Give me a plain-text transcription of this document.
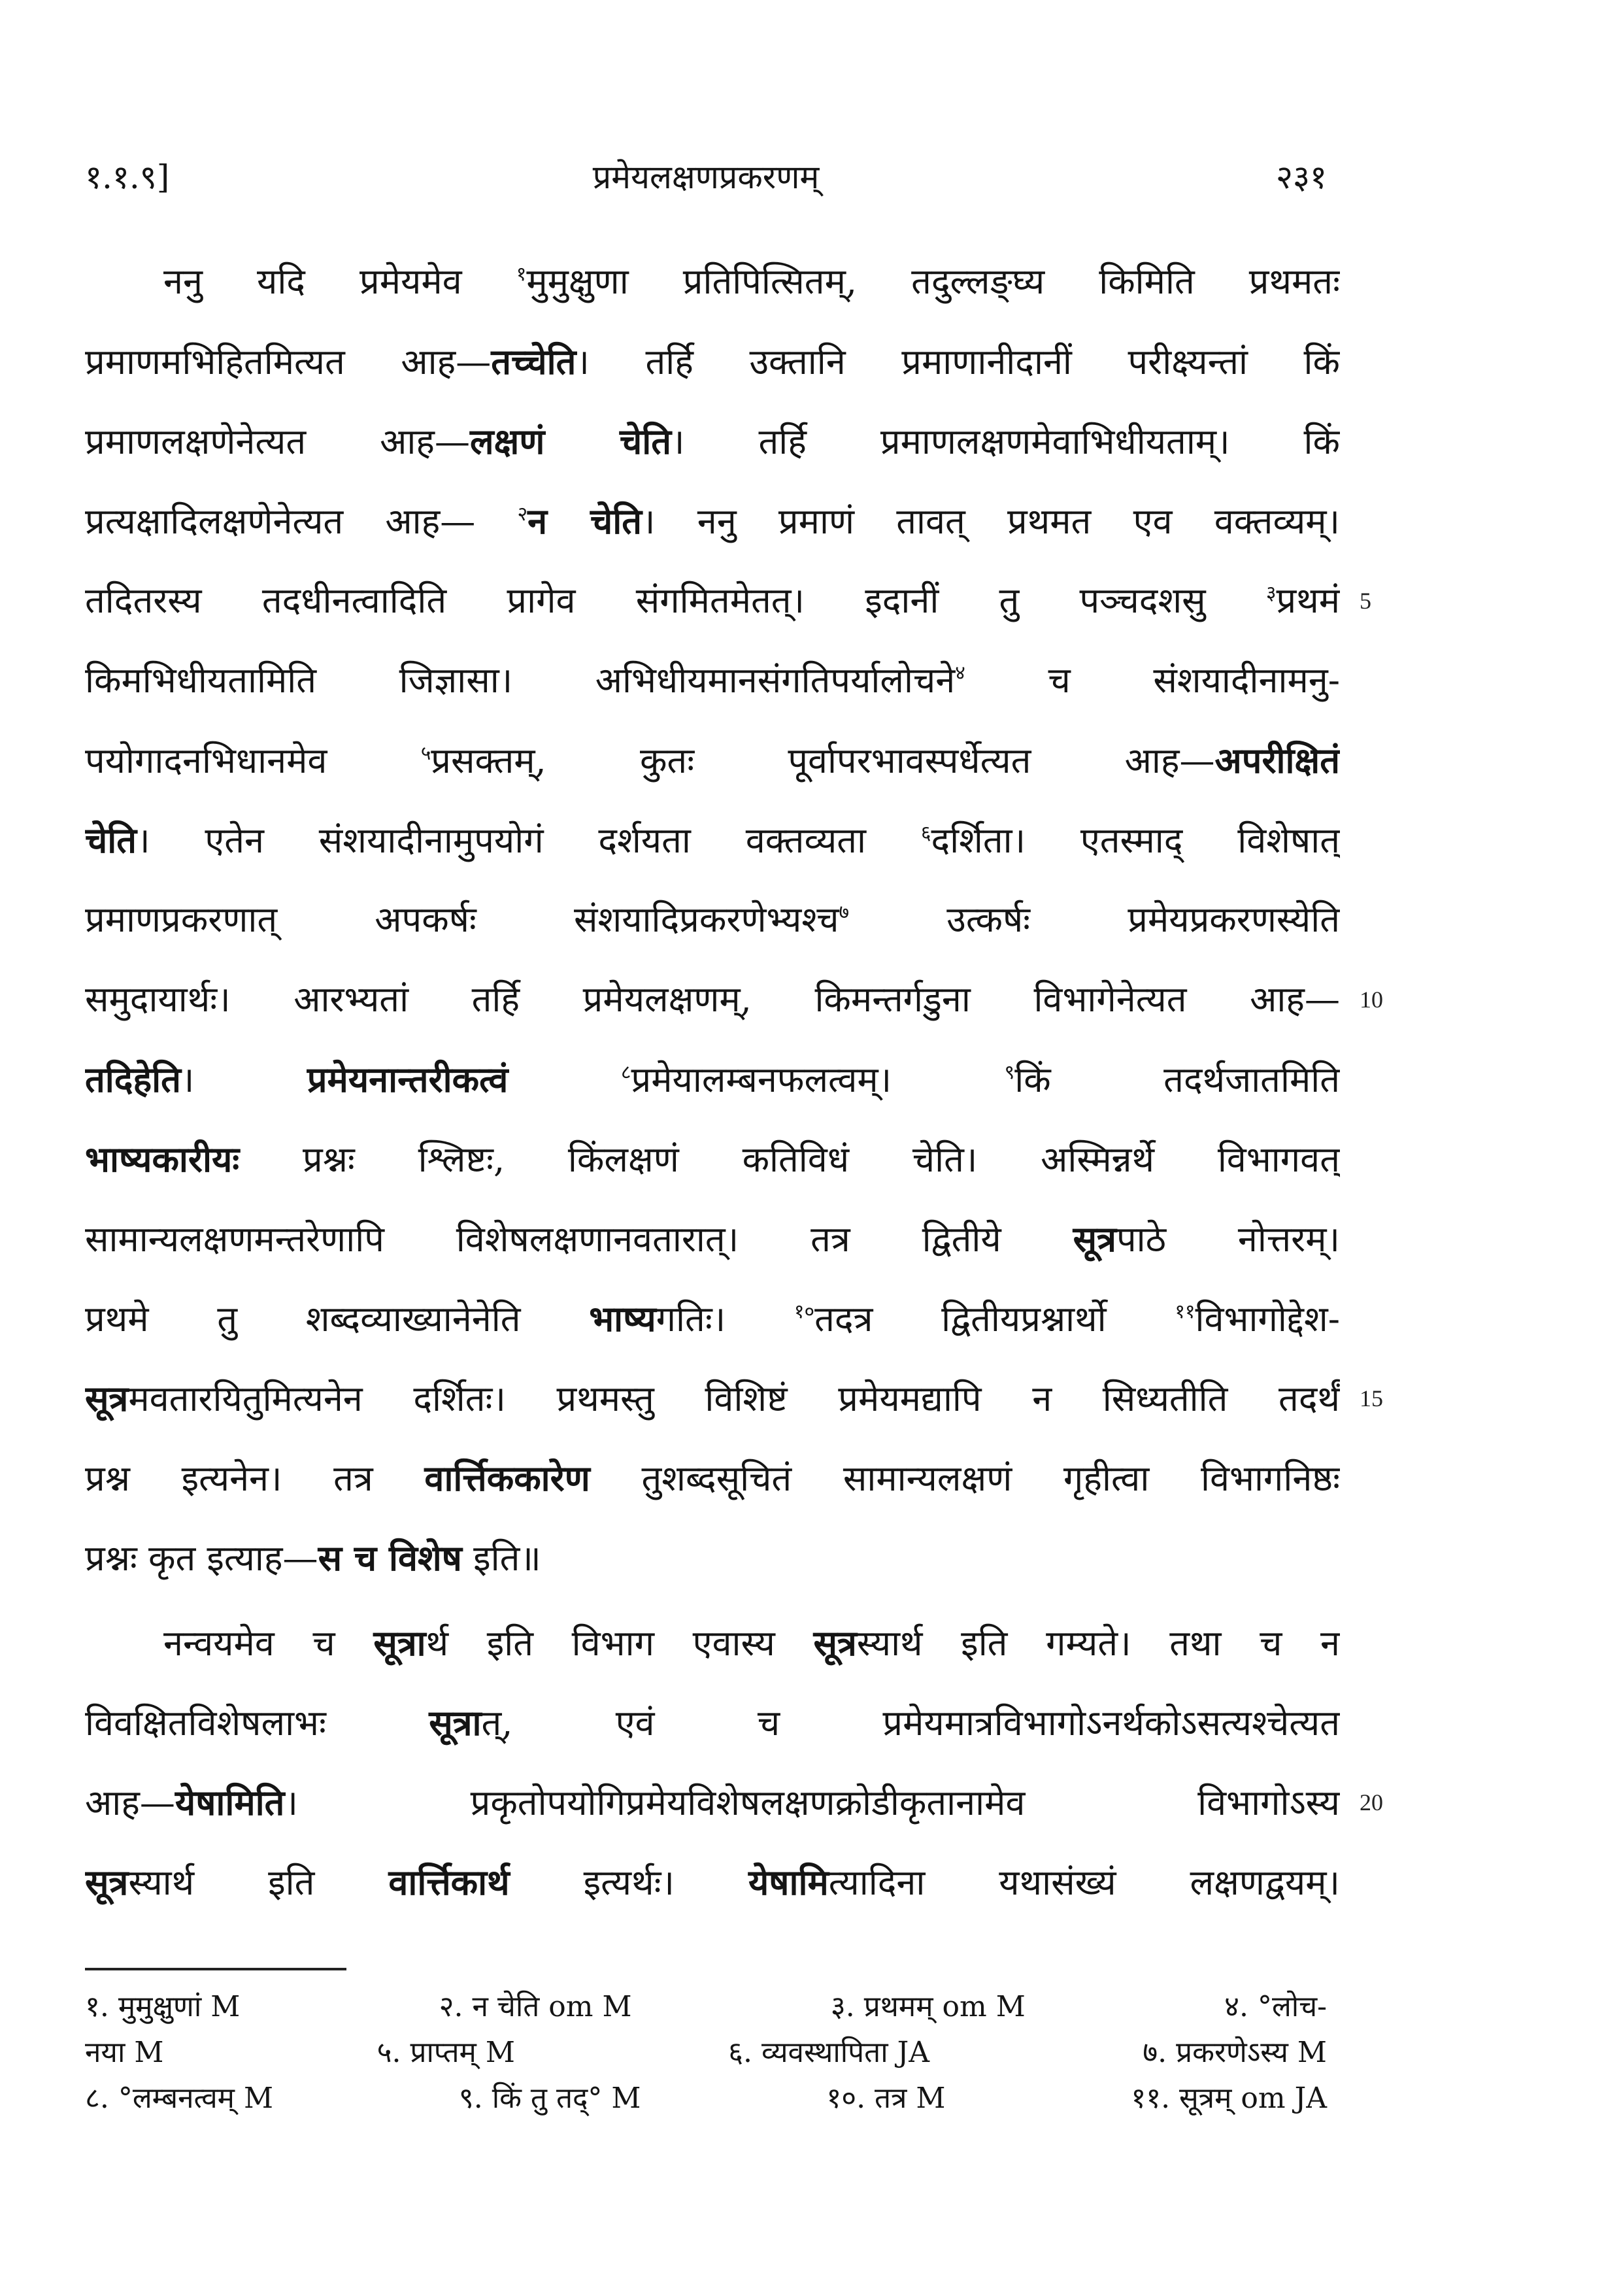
१.१.९]	प्रमेयलक्षणप्रकरणम्	२३१
ननु यदि प्रमेयमेव $^१$मुमुक्षुणा प्रतिपित्सितम्, तदुल्लङ्घ्य किमिति प्रथमतः
प्रमाणमभिहितमित्यत आह—तच्चेति। तर्हि उक्तानि प्रमाणानीदानीं परीक्ष्यन्तां किं
प्रमाणलक्षणेनेत्यत आह—लक्षणं चेति। तर्हि प्रमाणलक्षणमेवाभिधीयताम्। किं
प्रत्यक्षादिलक्षणेनेत्यत आह— $^२$न चेति। ननु प्रमाणं तावत् प्रथमत एव वक्तव्यम्।
तदितरस्य तदधीनत्वादिति प्रागेव संगमितमेतत्। इदानीं तु पञ्चदशसु $^३$प्रथमं 5
किमभिधीयतामिति जिज्ञासा। अभिधीयमानसंगतिपर्यालोचने$^४$ च संशयादीनामनु-
पयोगादनभिधानमेव $^५$प्रसक्तम्, कुतः पूर्वापरभावस्पर्धेत्यत आह—अपरीक्षितं
चेति। एतेन संशयादीनामुपयोगं दर्शयता वक्तव्यता $^६$दर्शिता। एतस्माद् विशेषात्
प्रमाणप्रकरणात् अपकर्षः संशयादिप्रकरणेभ्यश्च$^७$ उत्कर्षः प्रमेयप्रकरणस्येति
समुदायार्थः। आरभ्यतां तर्हि प्रमेयलक्षणम्, किमन्तर्गडुना विभागेनेत्यत आह— 10
तदिहेति। प्रमेयनान्तरीकत्वं	$^८$प्रमेयालम्बनफलत्वम्। $^९$किं तदर्थजातमिति
भाष्यकारीयः प्रश्नः श्लिष्टः, किंलक्षणं कतिविधं चेति। अस्मिन्नर्थे विभागवत्
सामान्यलक्षणमन्तरेणापि विशेषलक्षणानवतारात्। तत्र द्वितीये सूत्रपाठे नोत्तरम्।
प्रथमे तु शब्दव्याख्यानेनेति भाष्यगतिः। $^{१०}$तदत्र द्वितीयप्रश्नार्थो $^{११}$विभागोद्देश-
सूत्रमवतारयितुमित्यनेन दर्शितः। प्रथमस्तु विशिष्टं प्रमेयमद्यापि न सिध्यतीति तदर्थं 15
प्रश्न इत्यनेन। तत्र वार्त्तिककारेण तुशब्दसूचितं सामान्यलक्षणं गृहीत्वा विभागनिष्ठः
प्रश्नः कृत इत्याह—स च विशेष इति॥
नन्वयमेव च सूत्रार्थ इति विभाग एवास्य सूत्रस्यार्थ इति गम्यते। तथा च न
विवक्षितविशेषलाभः सूत्रात्, एवं च प्रमेयमात्रविभागोऽनर्थकोऽसत्यश्चेत्यत
आह—येषामिति। प्रकृतोपयोगिप्रमेयविशेषलक्षणक्रोडीकृतानामेव विभागोऽस्य 20
सूत्रस्यार्थ इति वार्त्तिकार्थ इत्यर्थः। येषामित्यादिना यथासंख्यं लक्षणद्वयम्।
१. मुमुक्षुणां M	२. न चेति om M	३. प्रथमम् om M	४. °लोच-
नया M	५. प्राप्तम् M	६. व्यवस्थापिता JA	७. प्रकरणेऽस्य M
८. °लम्बनत्वम् M	९. किं तु तद्° M	१०. तत्र M	११. सूत्रम् om JA
